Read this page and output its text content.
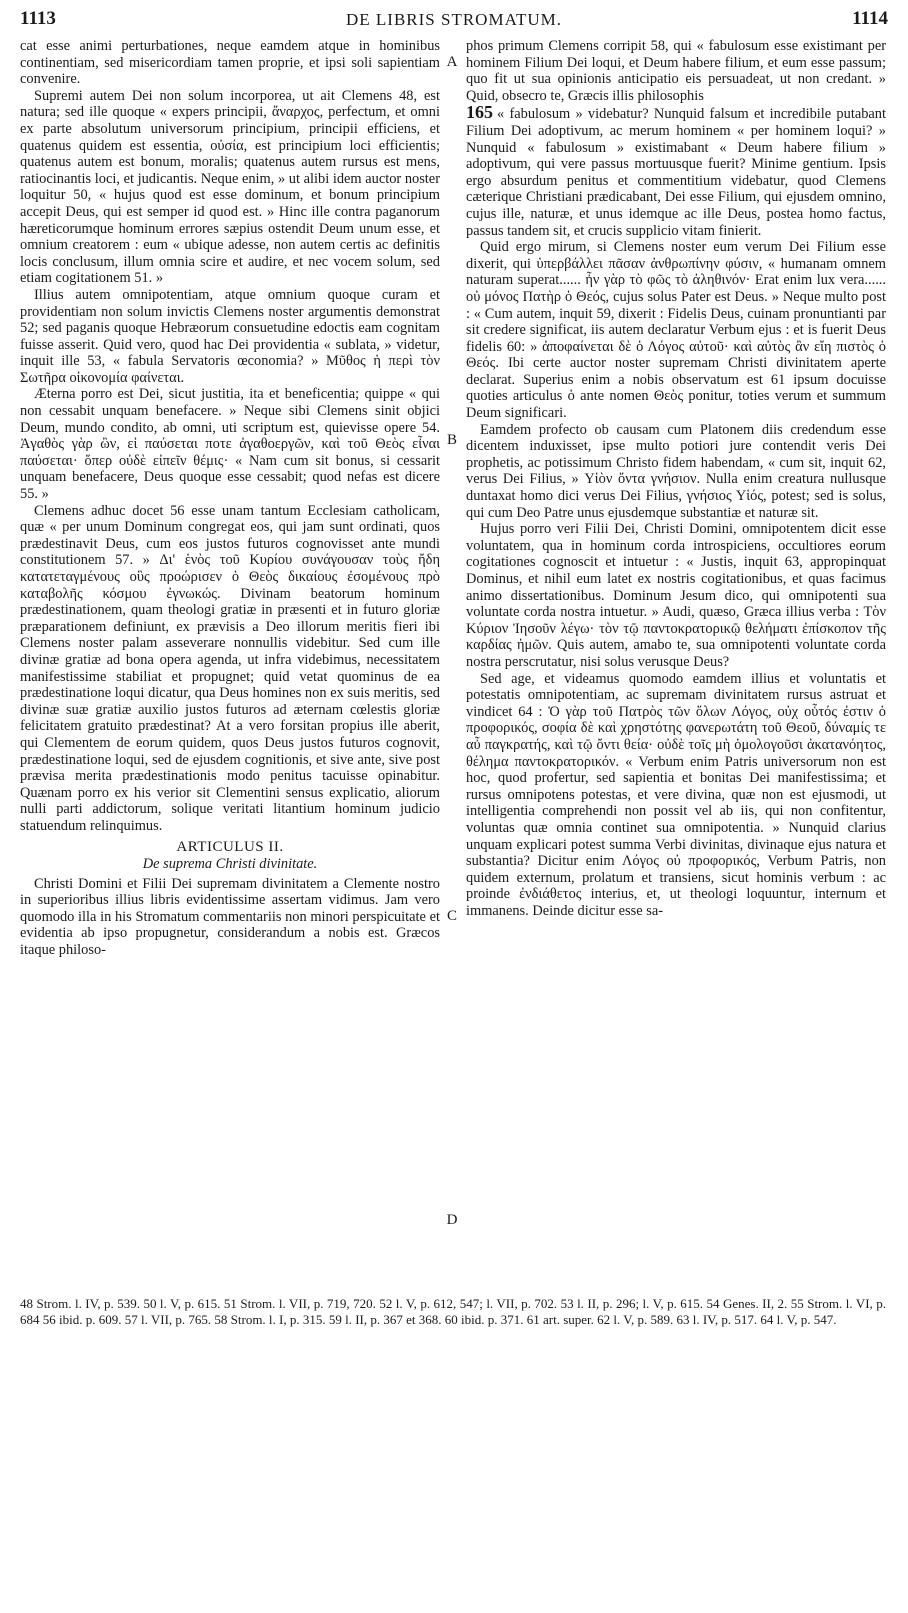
1113	DE LIBRIS STROMATUM.	1114

cat esse animi perturbationes, neque eamdem atque in hominibus continentiam, sed misericordiam tamen proprie, et ipsi soli sapientiam convenire.

Supremi autem Dei non solum incorporea, ut ait Clemens 48, est natura; sed ille quoque « expers principii, ἄναρχος, perfectum, et omni ex parte absolutum universorum principium, principii efficiens, et quatenus quidem est essentia, οὐσία, est principium loci efficientis; quatenus autem est bonum, moralis; quatenus autem rursus est mens, ratiocinantis loci, et judicantis. Neque enim, » ut alibi idem auctor noster loquitur 50, « hujus quod est esse dominum, et bonum principium accepit Deus, qui est semper id quod est. » Hinc ille contra paganorum hæreticorumque hominum errores sæpius ostendit Deum unum esse, et omnium creatorem : eum « ubique adesse, non autem certis ac definitis locis conclusum, illum omnia scire et audire, et nec vocem solum, sed etiam cogitationem 51. »

Illius autem omnipotentiam, atque omnium quoque curam et providentiam non solum invictis Clemens noster argumentis demonstrat 52; sed paganis quoque Hebræorum consuetudine edoctis eam cognitam fuisse asserit. Quid vero, quod hac Dei providentia « sublata, » videtur, inquit ille 53, « fabula Servatoris œconomia? » Μῦθος ἡ περὶ τὸν Σωτῆρα οἰκονομία φαίνεται.

Æterna porro est Dei, sicut justitia, ita et beneficentia; quippe « qui non cessabit unquam benefacere. » Neque sibi Clemens sinit objici Deum, mundo condito, ab omni, uti scriptum est, quievisse opere 54. Ἀγαθὸς γὰρ ὢν, εἰ παύσεται ποτε ἀγαθοεργῶν, καὶ τοῦ Θεὸς εἶναι παύσεται· ὅπερ οὐδὲ εἰπεῖν θέμις· « Nam cum sit bonus, si cessarit unquam benefacere, Deus quoque esse cessabit; quod nefas est dicere 55. »

Clemens adhuc docet 56 esse unam tantum Ecclesiam catholicam, quæ « per unum Dominum congregat eos, qui jam sunt ordinati, quos prædestinavit Deus, cum eos justos futuros cognovisset ante mundi constitutionem 57. » Δι' ἑνὸς τοῦ Κυρίου συνάγουσαν τοὺς ἤδη κατατεταγμένους οὓς προώρισεν ὁ Θεὸς δικαίους ἐσομένους πρὸ καταβολῆς κόσμου ἐγνωκώς. Divinam beatorum hominum prædestinationem, quam theologi gratiæ in præsenti et in futuro gloriæ præparationem definiunt, ex prævisis a Deo illorum meritis fieri ibi Clemens noster palam asseverare nonnullis videbitur. Sed cum ille divinæ gratiæ ad bona opera agenda, ut infra videbimus, necessitatem manifestissime stabiliat et propugnet; quid vetat quominus de ea prædestinatione loqui dicatur, qua Deus homines non ex suis meritis, sed divinæ suæ gratiæ auxilio justos futuros ad æternam cœlestis gloriæ felicitatem gratuito prædestinat? At a vero forsitan propius ille aberit, qui Clementem de eorum quidem, quos Deus justos futuros cognovit, prædestinatione loqui, sed de ejusdem cognitionis, et sive ante, sive post prævisa merita prædestinationis modo penitus tacuisse opinabitur. Quænam porro ex his verior sit Clementini sensus explicatio, aliorum nulli parti addictorum, solique veritati litantium hominum judicio statuendum relinquimus.

ARTICULUS II.
De suprema Christi divinitate.

Christi Domini et Filii Dei supremam divinitatem a Clemente nostro in superioribus illius libris evidentissime assertam vidimus. Jam vero quomodo illa in his Stromatum commentariis non minori perspicuitate et evidentia ab ipso propugnetur, considerandum a nobis est. Græcos itaque philoso-

A
B
C
D

phos primum Clemens corripit 58, qui « fabulosum esse existimant per hominem Filium Dei loqui, et Deum habere filium, et eum esse passum; quo fit ut sua opinionis anticipatio eis persuadeat, ut non credant. » Quid, obsecro te, Græcis illis philosophis

165 « fabulosum » videbatur? Nunquid falsum et incredibile putabant Filium Dei adoptivum, ac merum hominem « per hominem loqui? » Nunquid « fabulosum » existimabant « Deum habere filium » adoptivum, qui vere passus mortuusque fuerit? Minime gentium. Ipsis ergo absurdum penitus et commentitium videbatur, quod Clemens cæterique Christiani prædicabant, Dei esse Filium, qui ejusdem omnino, cujus ille, naturæ, et unus idemque ac ille Deus, postea homo factus, passus tandem sit, et crucis supplicio vitam finierit.

Quid ergo mirum, si Clemens noster eum verum Dei Filium esse dixerit, qui ὑπερβάλλει πᾶσαν ἀνθρωπίνην φύσιν, « humanam omnem naturam superat...... ἦν γὰρ τὸ φῶς τὸ ἀληθινόν· Erat enim lux vera...... οὐ μόνος Πατὴρ ὁ Θεός, cujus solus Pater est Deus. » Neque multo post : « Cum autem, inquit 59, dixerit : Fidelis Deus, cuinam pronuntianti par sit credere significat, iis autem declaratur Verbum ejus : et is fuerit Deus fidelis 60: » ἀποφαίνεται δὲ ὁ Λόγος αὐτοῦ· καὶ αὐτὸς ἂν εἴη πιστὸς ὁ Θεός. Ibi certe auctor noster supremam Christi divinitatem aperte declarat. Superius enim a nobis observatum est 61 ipsum docuisse quoties articulus ὁ ante nomen Θεὸς ponitur, toties verum et summum Deum significari.

Eamdem profecto ob causam cum Platonem diis credendum esse dicentem induxisset, ipse multo potiori jure contendit veris Dei prophetis, ac potissimum Christo fidem habendam, « cum sit, inquit 62, verus Dei Filius, » Υἱὸν ὄντα γνήσιον. Nulla enim creatura nullusque duntaxat homo dici verus Dei Filius, γνήσιος Υἱός, potest; sed is solus, qui cum Deo Patre unus ejusdemque substantiæ et naturæ sit.

Hujus porro veri Filii Dei, Christi Domini, omnipotentem dicit esse voluntatem, qua in hominum corda introspiciens, occultiores eorum cogitationes cognoscit et intuetur : « Justis, inquit 63, appropinquat Dominus, et nihil eum latet ex nostris cogitationibus, et quas facimus animo dissertationibus. Dominum Jesum dico, qui omnipotenti sua voluntate corda nostra intuetur. » Audi, quæso, Græca illius verba : Τὸν Κύριον Ἰησοῦν λέγω· τὸν τῷ παντοκρατορικῷ θελήματι ἐπίσκοπον τῆς καρδίας ἡμῶν. Quis autem, amabo te, sua omnipotenti voluntate corda nostra perscrutatur, nisi solus verusque Deus?

Sed age, et videamus quomodo eamdem illius et voluntatis et potestatis omnipotentiam, ac supremam divinitatem rursus astruat et vindicet 64 : Ὁ γὰρ τοῦ Πατρὸς τῶν ὅλων Λόγος, οὐχ οὗτός ἐστιν ὁ προφορικός, σοφία δὲ καὶ χρηστότης φανερωτάτη τοῦ Θεοῦ, δύναμίς τε αὖ παγκρατής, καὶ τῷ ὄντι θεία· οὐδὲ τοῖς μὴ ὁμολογοῦσι ἀκατανόητος, θέλημα παντοκρατορικόν. « Verbum enim Patris universorum non est hoc, quod profertur, sed sapientia et bonitas Dei manifestissima; et rursus omnipotens potestas, et vere divina, quæ non est ejusmodi, ut intelligentia comprehendi non possit vel ab iis, qui non confitentur, voluntas quæ omnia continet sua omnipotentia. » Nunquid clarius unquam explicari potest summa Verbi divinitas, divinaque ejus natura et substantia? Dicitur enim Λόγος οὐ προφορικός, Verbum Patris, non quidem externum, prolatum et transiens, sicut hominis verbum : ac proinde ἐνδιάθετος interius, et, ut theologi loquuntur, internum et immanens. Deinde dicitur esse sa-

48 Strom. l. IV, p. 539. 50 l. V, p. 615. 51 Strom. l. VII, p. 719, 720. 52 l. V, p. 612, 547; l. VII, p. 702. 53 l. II, p. 296; l. V, p. 615. 54 Genes. II, 2. 55 Strom. l. VI, p. 684 56 ibid. p. 609. 57 l. VII, p. 765. 58 Strom. l. I, p. 315. 59 l. II, p. 367 et 368. 60 ibid. p. 371. 61 art. super. 62 l. V, p. 589. 63 l. IV, p. 517. 64 l. V, p. 547.
